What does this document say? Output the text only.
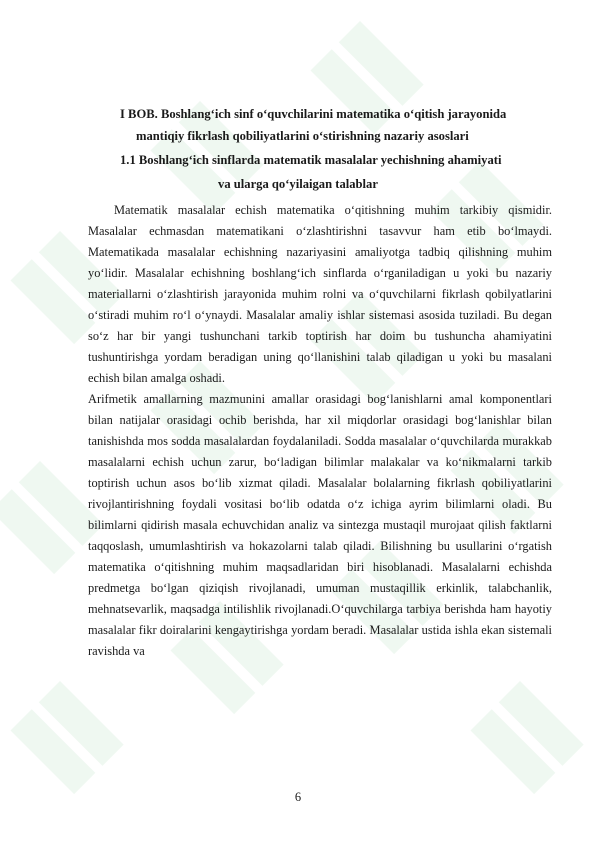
I BOB. Boshlang‘ich sinf o‘quvchilarini matematika o‘qitish jarayonida
mantiqiy fikrlash qobiliyatlarini o‘stirishning nazariy asoslari
1.1 Boshlang‘ich sinflarda matematik masalalar yechishning ahamiyati
va ularga qo‘yilaigan talablar

Matematik masalalar echish matematika o‘qitishning muhim tarkibiy qismidir. Masalalar echmasdan matematikani o‘zlashtirishni tasavvur ham etib bo‘lmaydi. Matematikada masalalar echishning nazariyasini amaliyotga tadbiq qilishning muhim yo‘lidir. Masalalar echishning boshlang‘ich sinflarda o‘rganiladigan u yoki bu nazariy materiallarni o‘zlashtirish jarayonida muhim rolni va o‘quvchilarni fikrlash qobilyatlarini o‘stiradi muhim ro‘l o‘ynaydi. Masalalar amaliy ishlar sistemasi asosida tuziladi. Bu degan so‘z har bir yangi tushunchani tarkib toptirish har doim bu tushuncha ahamiyatini tushuntirishga yordam beradigan uning qo‘llanishini talab qiladigan u yoki bu masalani echish bilan amalga oshadi.

Arifmetik amallarning mazmunini amallar orasidagi bog‘lanishlarni amal komponentlari bilan natijalar orasidagi ochib berishda, har xil miqdorlar orasidagi bog‘lanishlar bilan tanishishda mos sodda masalalardan foydalaniladi. Sodda masalalar o‘quvchilarda murakkab masalalarni echish uchun zarur, bo‘ladigan bilimlar malakalar va ko‘nikmalarni tarkib toptirish uchun asos bo‘lib xizmat qiladi. Masalalar bolalarning fikrlash qobiliyatlarini rivojlantirishning foydali vositasi bo‘lib odatda o‘z ichiga ayrim bilimlarni oladi. Bu bilimlarni qidirish masala echuvchidan analiz va sintezga mustaqil murojaat qilish faktlarni taqqoslash, umumlashtirish va hokazolarni talab qiladi. Bilishning bu usullarini o‘rgatish matematika o‘qitishning muhim maqsadlaridan biri hisoblanadi. Masalalarni echishda predmetga bo‘lgan qiziqish rivojlanadi, umuman mustaqillik erkinlik, talabchanlik, mehnatsevarlik, maqsadga intilishlik rivojlanadi.O‘quvchilarga tarbiya berishda ham hayotiy masalalar fikr doiralarini kengaytirishga yordam beradi. Masalalar ustida ishla ekan sistemali ravishda va

6
